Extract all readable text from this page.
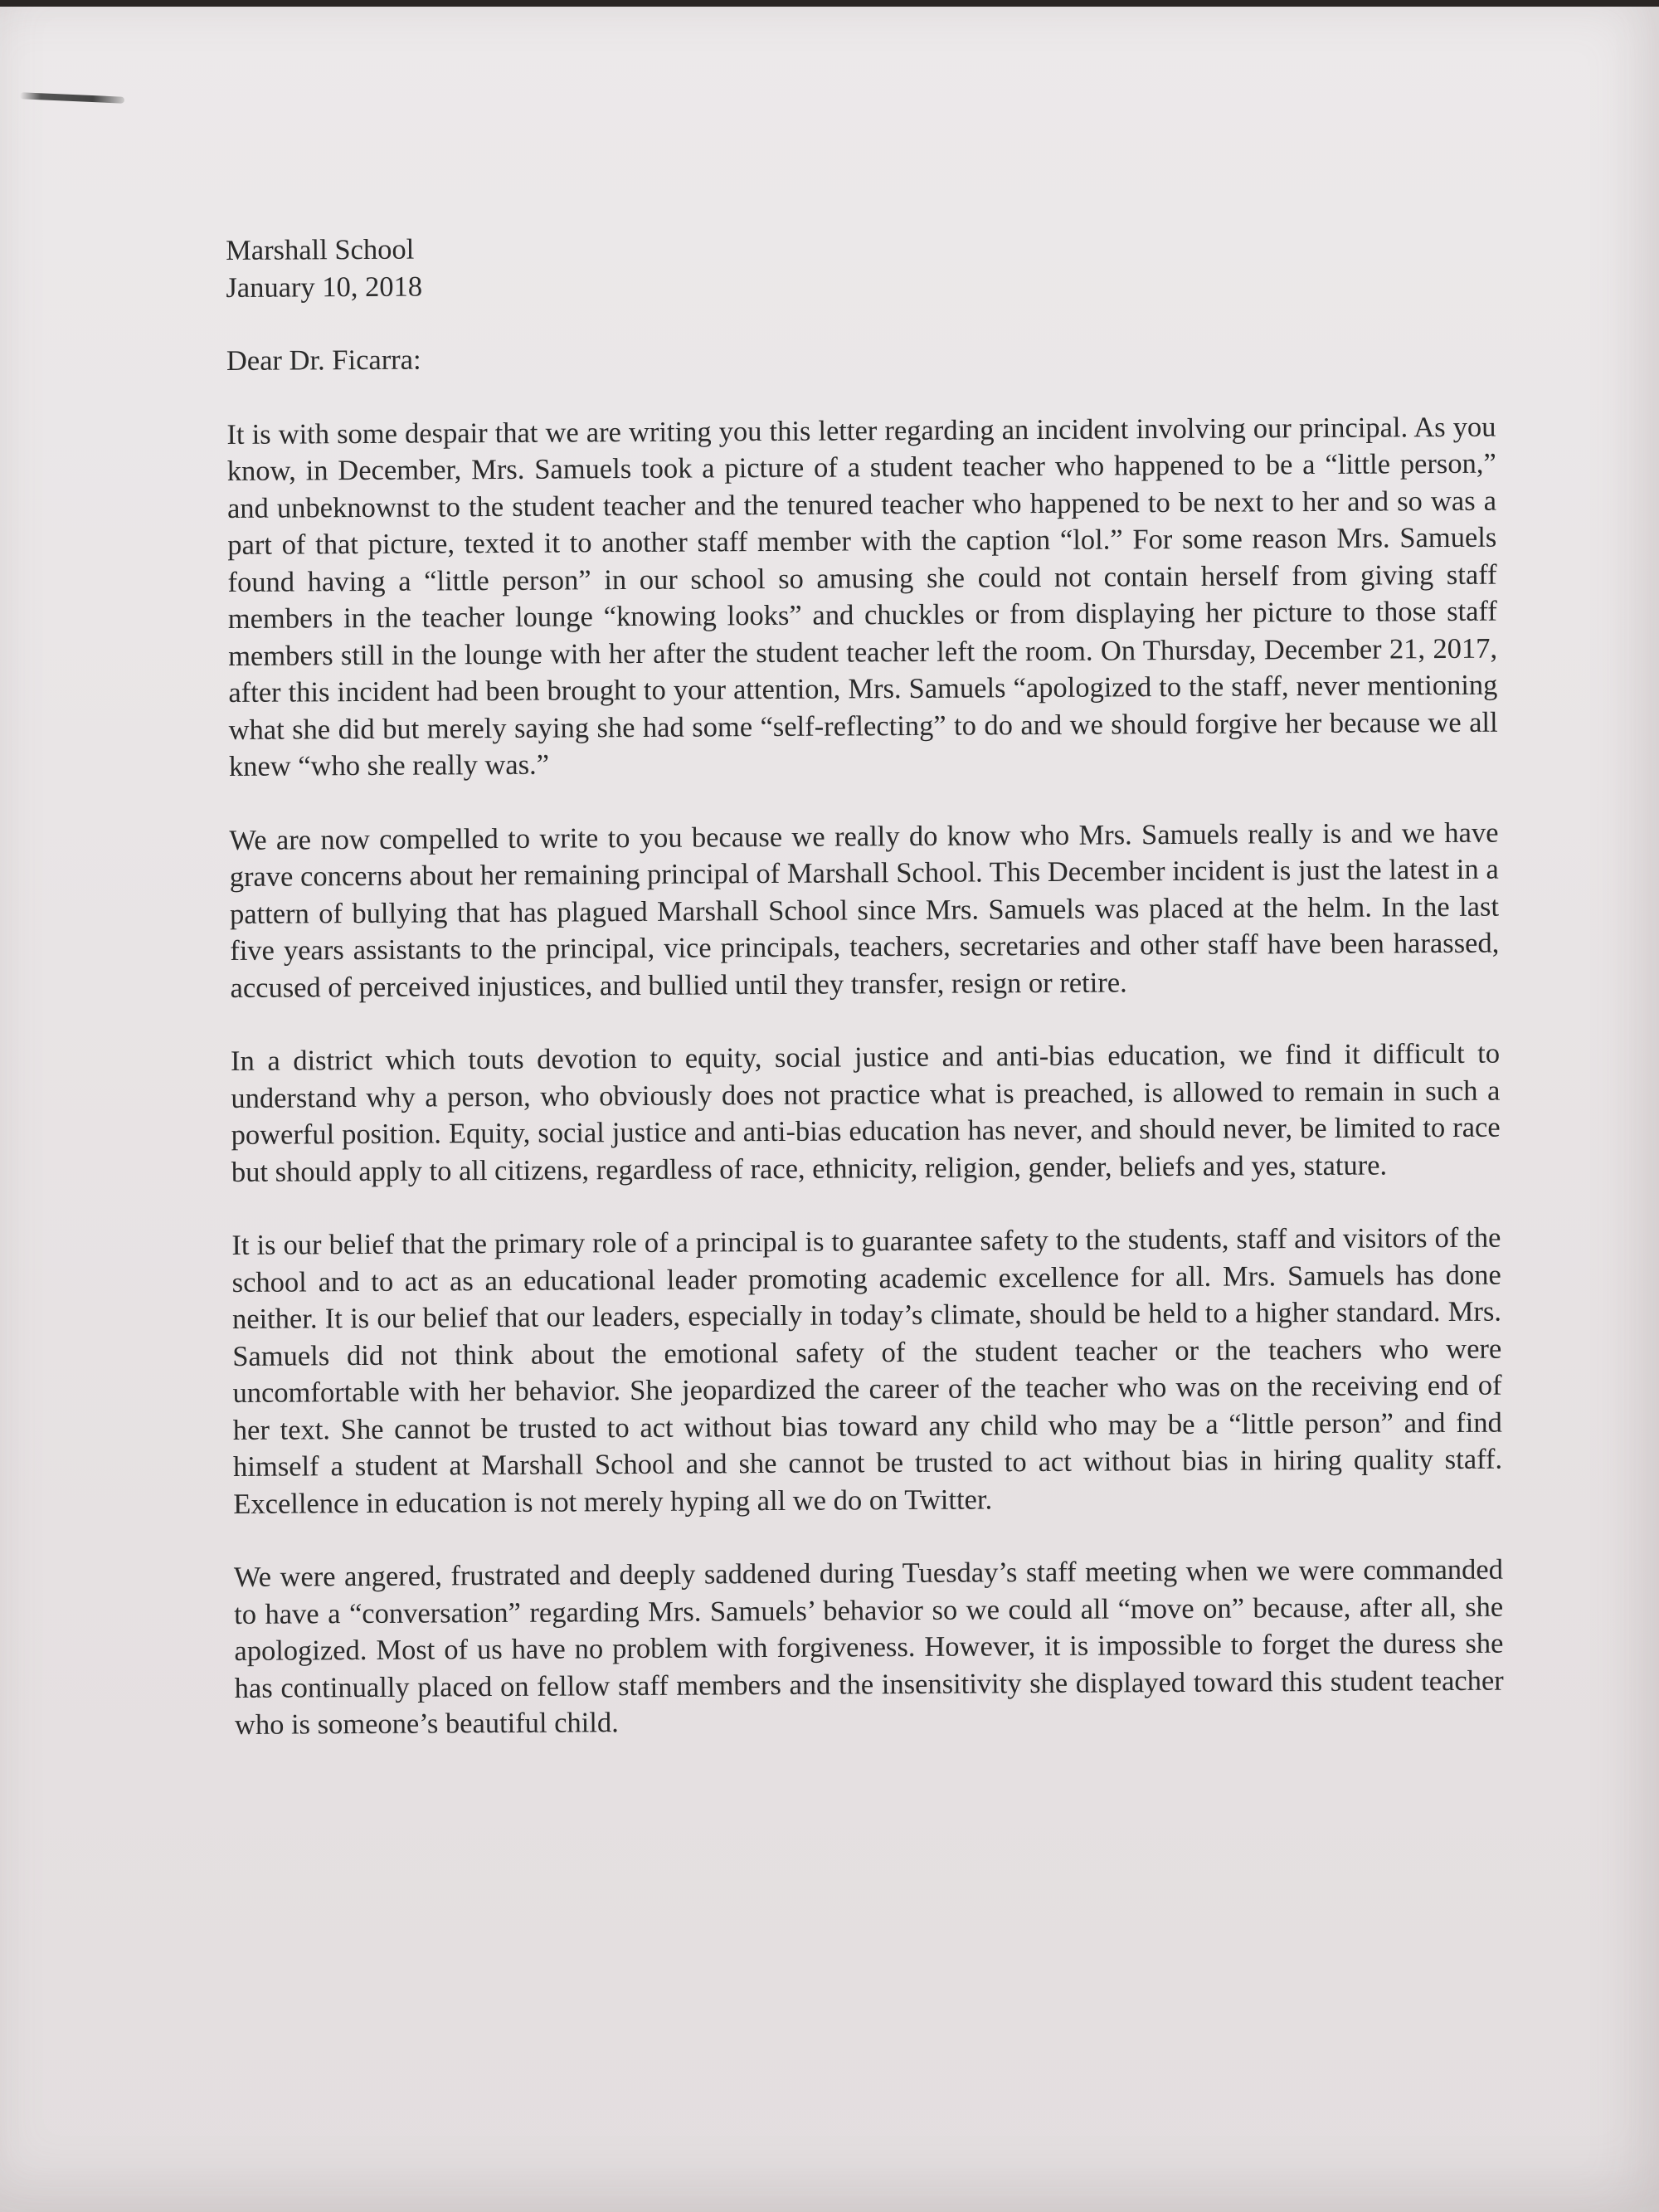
Marshall School

January 10, 2018

Dear Dr. Ficarra:

It is with some despair that we are writing you this letter regarding an incident involving our principal. As you know, in December, Mrs. Samuels took a picture of a student teacher who happened to be a “little person,” and unbeknownst to the student teacher and the tenured teacher who happened to be next to her and so was a part of that picture, texted it to another staff member with the caption “lol.” For some reason Mrs. Samuels found having a “little person” in our school so amusing she could not contain herself from giving staff members in the teacher lounge “knowing looks” and chuckles or from displaying her picture to those staff members still in the lounge with her after the student teacher left the room. On Thursday, December 21, 2017, after this incident had been brought to your attention, Mrs. Samuels “apologized to the staff, never mentioning what she did but merely saying she had some “self-reflecting” to do and we should forgive her because we all knew “who she really was.”

We are now compelled to write to you because we really do know who Mrs. Samuels really is and we have grave concerns about her remaining principal of Marshall School. This December incident is just the latest in a pattern of bullying that has plagued Marshall School since Mrs. Samuels was placed at the helm. In the last five years assistants to the principal, vice principals, teachers, secretaries and other staff have been harassed, accused of perceived injustices, and bullied until they transfer, resign or retire.

In a district which touts devotion to equity, social justice and anti-bias education, we find it difficult to understand why a person, who obviously does not practice what is preached, is allowed to remain in such a powerful position. Equity, social justice and anti-bias education has never, and should never, be limited to race but should apply to all citizens, regardless of race, ethnicity, religion, gender, beliefs and yes, stature.

It is our belief that the primary role of a principal is to guarantee safety to the students, staff and visitors of the school and to act as an educational leader promoting academic excellence for all. Mrs. Samuels has done neither. It is our belief that our leaders, especially in today’s climate, should be held to a higher standard. Mrs. Samuels did not think about the emotional safety of the student teacher or the teachers who were uncomfortable with her behavior. She jeopardized the career of the teacher who was on the receiving end of her text. She cannot be trusted to act without bias toward any child who may be a “little person” and find himself a student at Marshall School and she cannot be trusted to act without bias in hiring quality staff. Excellence in education is not merely hyping all we do on Twitter.

We were angered, frustrated and deeply saddened during Tuesday’s staff meeting when we were commanded to have a “conversation” regarding Mrs. Samuels’ behavior so we could all “move on” because, after all, she apologized. Most of us have no problem with forgiveness. However, it is impossible to forget the duress she has continually placed on fellow staff members and the insensitivity she displayed toward this student teacher who is someone’s beautiful child.
